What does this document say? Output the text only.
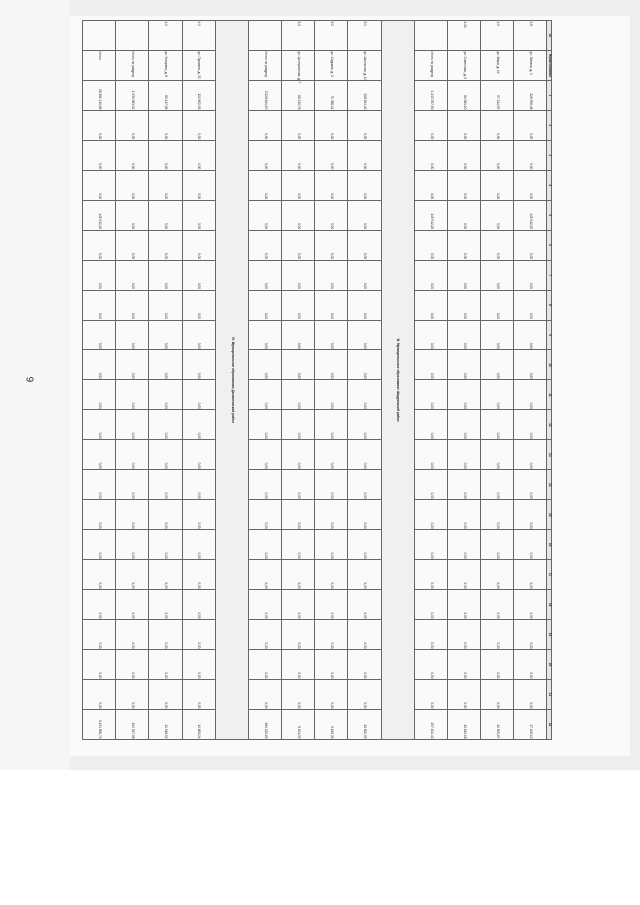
6
№	Наименование	1	2	3	4	5	6	7	8	9	10	11	12	13	14	15	16	17	18	19	20	21	22
1.8	ул. Ленина, д. 2	128 958,48	0,00	0,00	0,00	145 912,20	0,00	0,00	0,00	0,00	0,00	0,00	0,00	0,00	0,00	0,00	0,00	0,00	0,00	0,00	0,00	0,00	17 409,12
1.9	ул. Мира, д. 14	97 214,55	0,00	0,00	0,00	0,00	0,00	0,00	0,00	0,00	0,00	0,00	0,00	0,00	0,00	0,00	0,00	0,00	0,00	0,00	0,00	0,00	12 305,67
1.10	ул. Советская, д. 5	84 061,20	0,00	0,00	0,00	0,00	0,00	0,00	0,00	0,00	0,00	0,00	0,00	0,00	0,00	0,00	0,00	0,00	0,00	0,00	0,00	0,00	10 642,18
	Итого по разделу	1 240 557,90	0,00	0,00	0,00	145 912,20	0,00	0,00	0,00	0,00	0,00	0,00	0,00	0,00	0,00	0,00	0,00	0,00	0,00	0,00	0,00	0,00	157 102,44
III. Муниципальное образование Шадринский район																							
3.1	ул. Школьная, д. 10	108 924,40	0,00	0,00	0,00	0,00	0,00	0,00	0,00	0,00	0,00	0,00	0,00	0,00	0,00	0,00	0,00	0,00	0,00	0,00	0,00	0,00	13 822,05
3.2	ул. Садовая, д. 3	72 380,11	0,00	0,00	0,00	0,00	0,00	0,00	0,00	0,00	0,00	0,00	0,00	0,00	0,00	0,00	0,00	0,00	0,00	0,00	0,00	0,00	9 180,33
3.3	ул. Центральная, д. 7	66 215,78	0,00	0,00	0,00	0,00	0,00	0,00	0,00	0,00	0,00	0,00	0,00	0,00	0,00	0,00	0,00	0,00	0,00	0,00	0,00	0,00	8 401,90
	Итого по разделу	3 028 641,50	0,00	0,00	0,00	0,00	0,00	0,00	0,00	0,00	0,00	0,00	0,00	0,00	0,00	0,00	0,00	0,00	0,00	0,00	0,00	0,00	384 219,60
IV. Муниципальное образование Далматовский район																							
4.1	ул. Пушкина, д. 22	115 602,93	0,00	0,00	0,00	0,00	0,00	0,00	0,00	0,00	0,00	0,00	0,00	0,00	0,00	0,00	0,00	0,00	0,00	0,00	0,00	0,00	14 663,24
4.2	ул. Гагарина, д. 8	89 417,06	0,00	0,00	0,00	0,00	0,00	0,00	0,00	0,00	0,00	0,00	0,00	0,00	0,00	0,00	0,00	0,00	0,00	0,00	0,00	0,00	11 348,52
	Итого по разделу	1 530 963,32	0,00	0,00	0,00	0,00	0,00	0,00	0,00	0,00	0,00	0,00	0,00	0,00	0,00	0,00	0,00	0,00	0,00	0,00	0,00	0,00	194 337,08
	Итого	26 981 215,68	0,00	0,00	0,00	145 912,20	0,00	0,00	0,00	0,00	0,00	0,00	0,00	0,00	0,00	0,00	0,00	0,00	0,00	0,00	0,00	0,00	3 421 896,74
